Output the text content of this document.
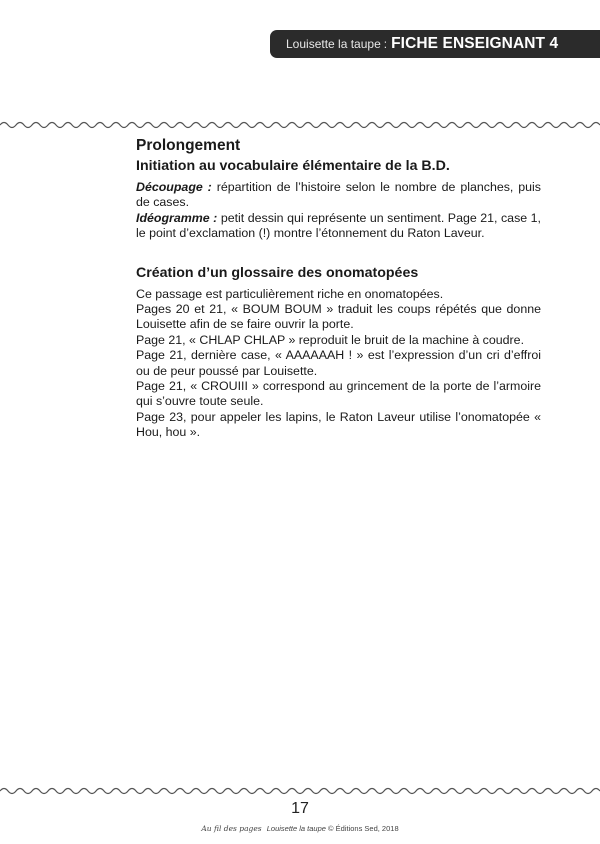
Louisette la taupe : FICHE ENSEIGNANT 4
Prolongement
Initiation au vocabulaire élémentaire de la B.D.

Découpage : répartition de l’histoire selon le nombre de planches, puis de cases.

Idéogramme : petit dessin qui représente un sentiment. Page 21, case 1, le point d’exclamation (!) montre l’étonnement du Raton Laveur.

Création d’un glossaire des onomatopées

Ce passage est particulièrement riche en onomatopées.

Pages 20 et 21, « BOUM BOUM » traduit les coups répétés que donne Louisette afin de se faire ouvrir la porte.

Page 21, « CHLAP CHLAP » reproduit le bruit de la machine à coudre.

Page 21, dernière case, « AAAAAAH ! » est l’expression d’un cri d’effroi ou de peur poussé par Louisette.

Page 21, « CROUIII » correspond au grincement de la porte de l’armoire qui s’ouvre toute seule.

Page 23, pour appeler les lapins, le Raton Laveur utilise l’onomatopée « Hou, hou ».

17
Au fil des pages Louisette la taupe © Éditions Sed, 2018
